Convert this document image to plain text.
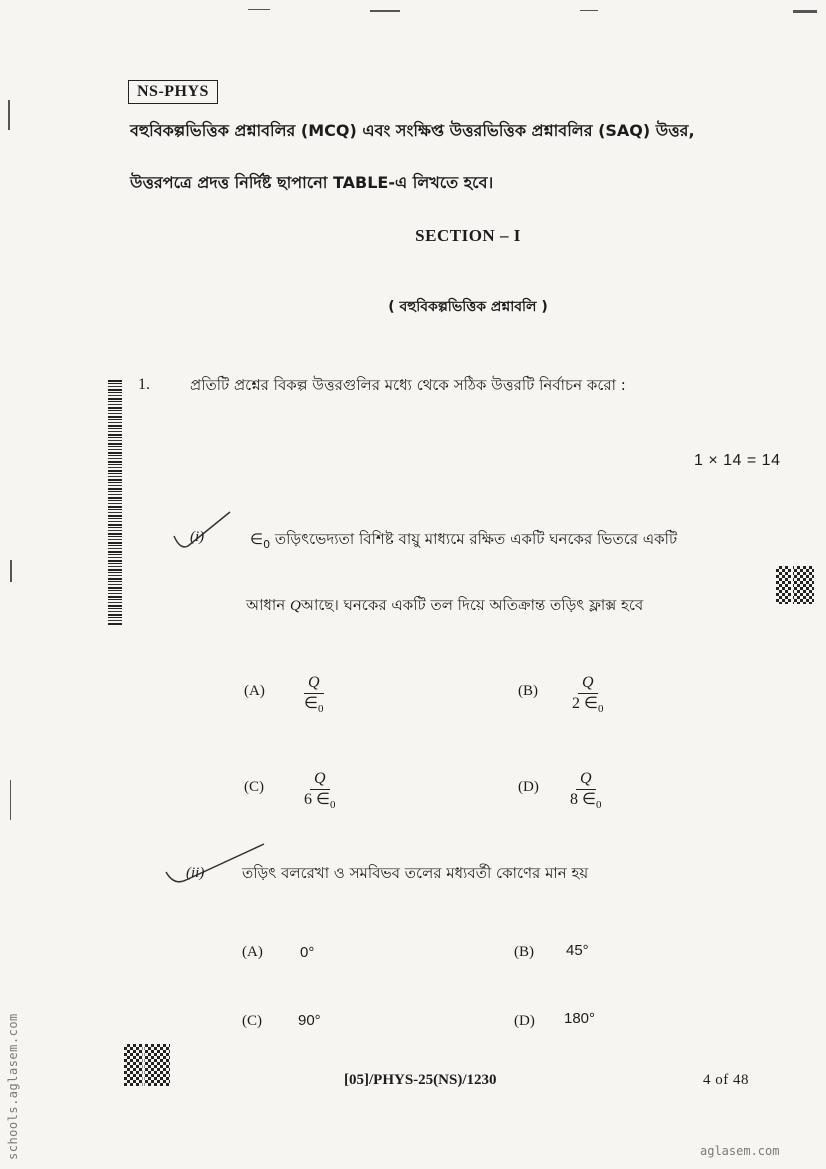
NS-PHYS
বহুবিকল্পভিত্তিক প্রশ্নাবলির (MCQ) এবং সংক্ষিপ্ত উত্তরভিত্তিক প্রশ্নাবলির (SAQ) উত্তর,
উত্তরপত্রে প্রদত্ত নির্দিষ্ট ছাপানো TABLE-এ লিখতে হবে।
SECTION – I
( বহুবিকল্পভিত্তিক প্রশ্নাবলি )
1.	প্রতিটি প্রশ্নের বিকল্প উত্তরগুলির মধ্যে থেকে সঠিক উত্তরটি নির্বাচন করো :
1 × 14 = 14
(i)	$\in_0$ তড়িৎভেদ্যতা বিশিষ্ট বায়ু মাধ্যমে রক্ষিত একটি ঘনকের ভিতরে একটি
আধান Qআছে। ঘনকের একটি তল দিয়ে অতিক্রান্ত তড়িৎ ফ্লাক্স হবে
$(A) \frac{Q}{\in_0}$	$(B) \frac{Q}{2 \in_0}$
$(C) \frac{Q}{6 \in_0}$	$(D) \frac{Q}{8 \in_0}$
(ii)	তড়িৎ বলরেখা ও সমবিভব তলের মধ্যবর্তী কোণের মান হয়
(A) 0°	(B) 45°
(C) 90°	(D) 180°
[05]/PHYS-25(NS)/1230	4 of 48
schools.aglasem.com	aglasem.com
